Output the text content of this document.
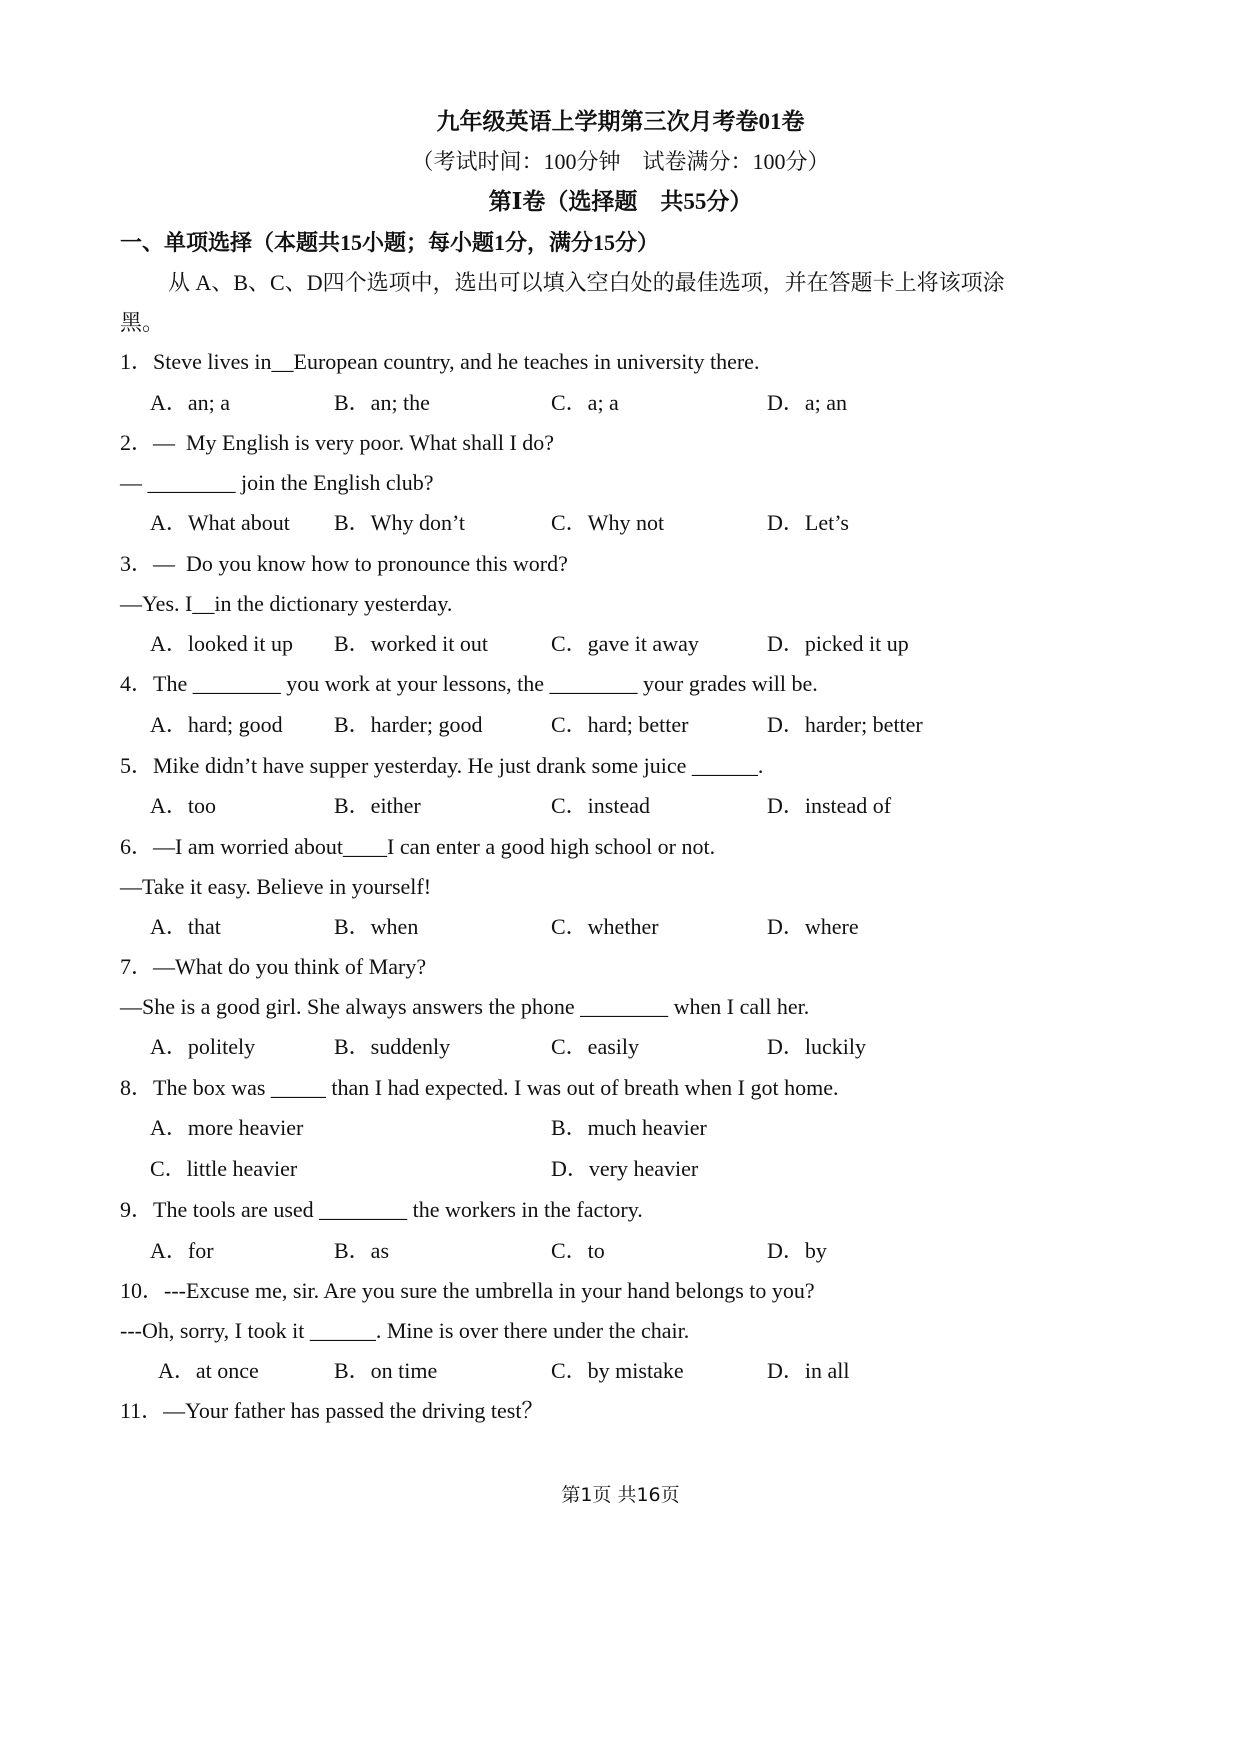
九年级英语上学期第三次月考卷01卷
（考试时间：100分钟　试卷满分：100分）
第Ⅰ卷（选择题　共55分）
一、单项选择（本题共15小题；每小题1分，满分15分）
从 A、B、C、D四个选项中，选出可以填入空白处的最佳选项，并在答题卡上将该项涂
黑。
1．Steve lives in__European country, and he teaches in university there.
A．an; a	B．an; the	C．a; a	D．a; an
2．—  My English is very poor. What shall I do?
— ________ join the English club?
A．What about B．Why don’t	C．Why not	D．Let’s
3．—  Do you know how to pronounce this word?
—Yes. I__in the dictionary yesterday.
A．looked it up B．worked it out	C．gave it away	D．picked it up
4．The ________ you work at your lessons, the ________ your grades will be.
A．hard; good B．harder; good	C．hard; better	D．harder; better
5．Mike didn’t have supper yesterday. He just drank some juice ______.
A．too	B．either	C．instead	D．instead of
6．—I am worried about____I can enter a good high school or not.
—Take it easy. Believe in yourself!
A．that	B．when	C．whether	D．where
7．—What do you think of Mary?
—She is a good girl. She always answers the phone ________ when I call her.
A．politely	B．suddenly	C．easily	D．luckily
8．The box was _____ than I had expected. I was out of breath when I got home.
A．more heavier	B．much heavier
C．little heavier	D．very heavier
9．The tools are used ________ the workers in the factory.
A．for	B．as	C．to	D．by
10．---Excuse me, sir. Are you sure the umbrella in your hand belongs to you?
---Oh, sorry, I took it ______. Mine is over there under the chair.
A．at once	B．on time	C．by mistake	D．in all
11．—Your father has passed the driving test？
第1页 共16页
